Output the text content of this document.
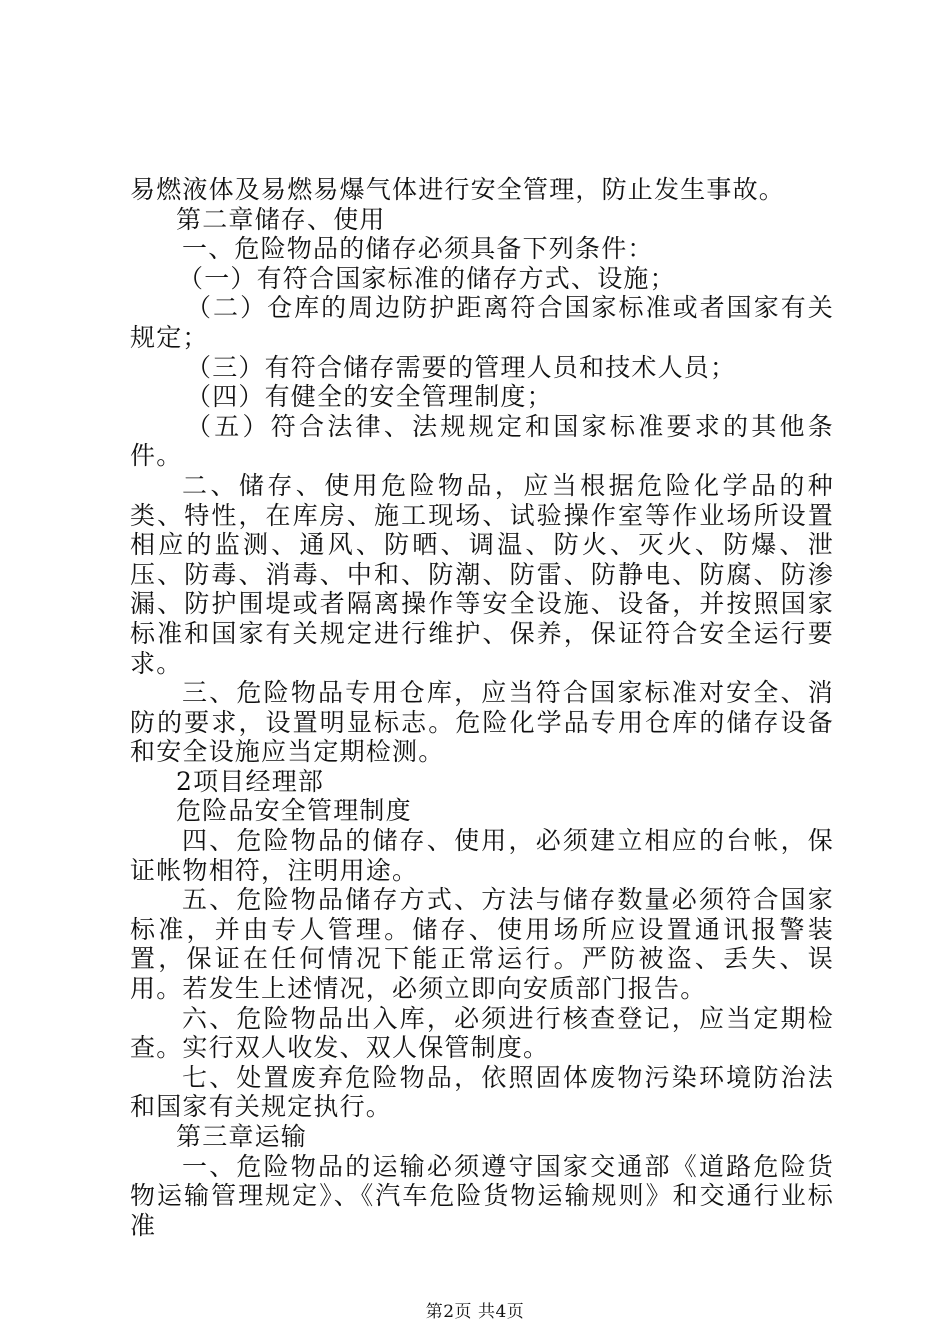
易燃液体及易燃易爆气体进行安全管理，防止发生事故。

第二章储存、使用

一、危险物品的储存必须具备下列条件：

（一）有符合国家标准的储存方式、设施；

（二）仓库的周边防护距离符合国家标准或者国家有关规定；

（三）有符合储存需要的管理人员和技术人员；

（四）有健全的安全管理制度；

（五）符合法律、法规规定和国家标准要求的其他条件。

二、储存、使用危险物品，应当根据危险化学品的种类、特性，在库房、施工现场、试验操作室等作业场所设置相应的监测、通风、防晒、调温、防火、灭火、防爆、泄压、防毒、消毒、中和、防潮、防雷、防静电、防腐、防渗漏、防护围堤或者隔离操作等安全设施、设备，并按照国家标准和国家有关规定进行维护、保养，保证符合安全运行要求。

三、危险物品专用仓库，应当符合国家标准对安全、消防的要求，设置明显标志。危险化学品专用仓库的储存设备和安全设施应当定期检测。

2项目经理部

危险品安全管理制度

四、危险物品的储存、使用，必须建立相应的台帐，保证帐物相符，注明用途。

五、危险物品储存方式、方法与储存数量必须符合国家标准，并由专人管理。储存、使用场所应设置通讯报警装置，保证在任何情况下能正常运行。严防被盗、丢失、误用。若发生上述情况，必须立即向安质部门报告。

六、危险物品出入库，必须进行核查登记，应当定期检查。实行双人收发、双人保管制度。

七、处置废弃危险物品，依照固体废物污染环境防治法和国家有关规定执行。

第三章运输

一、危险物品的运输必须遵守国家交通部《道路危险货物运输管理规定》、《汽车危险货物运输规则》和交通行业标准

第2页 共4页
